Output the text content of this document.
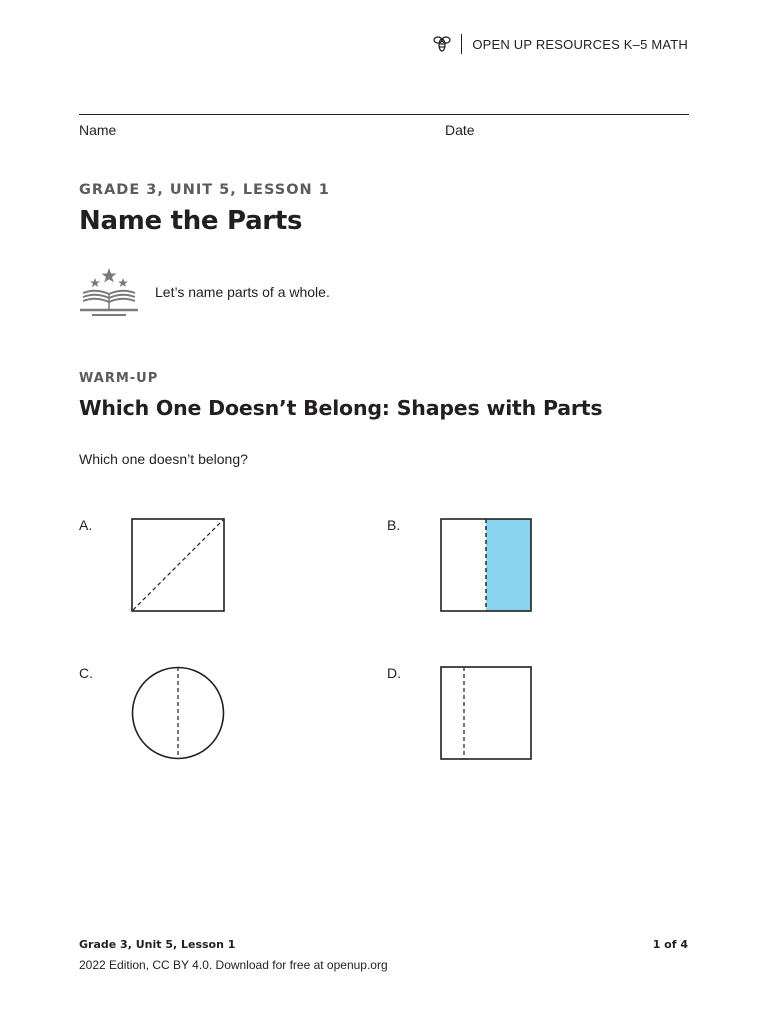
OPEN UP RESOURCES K–5 MATH
Name	Date
GRADE 3, UNIT 5, LESSON 1
Name the Parts
Let’s name parts of a whole.
WARM-UP
Which One Doesn’t Belong: Shapes with Parts
Which one doesn’t belong?
A.	B.
C.	D.
Grade 3, Unit 5, Lesson 1
2022 Edition, CC BY 4.0. Download for free at openup.org
1 of 4
